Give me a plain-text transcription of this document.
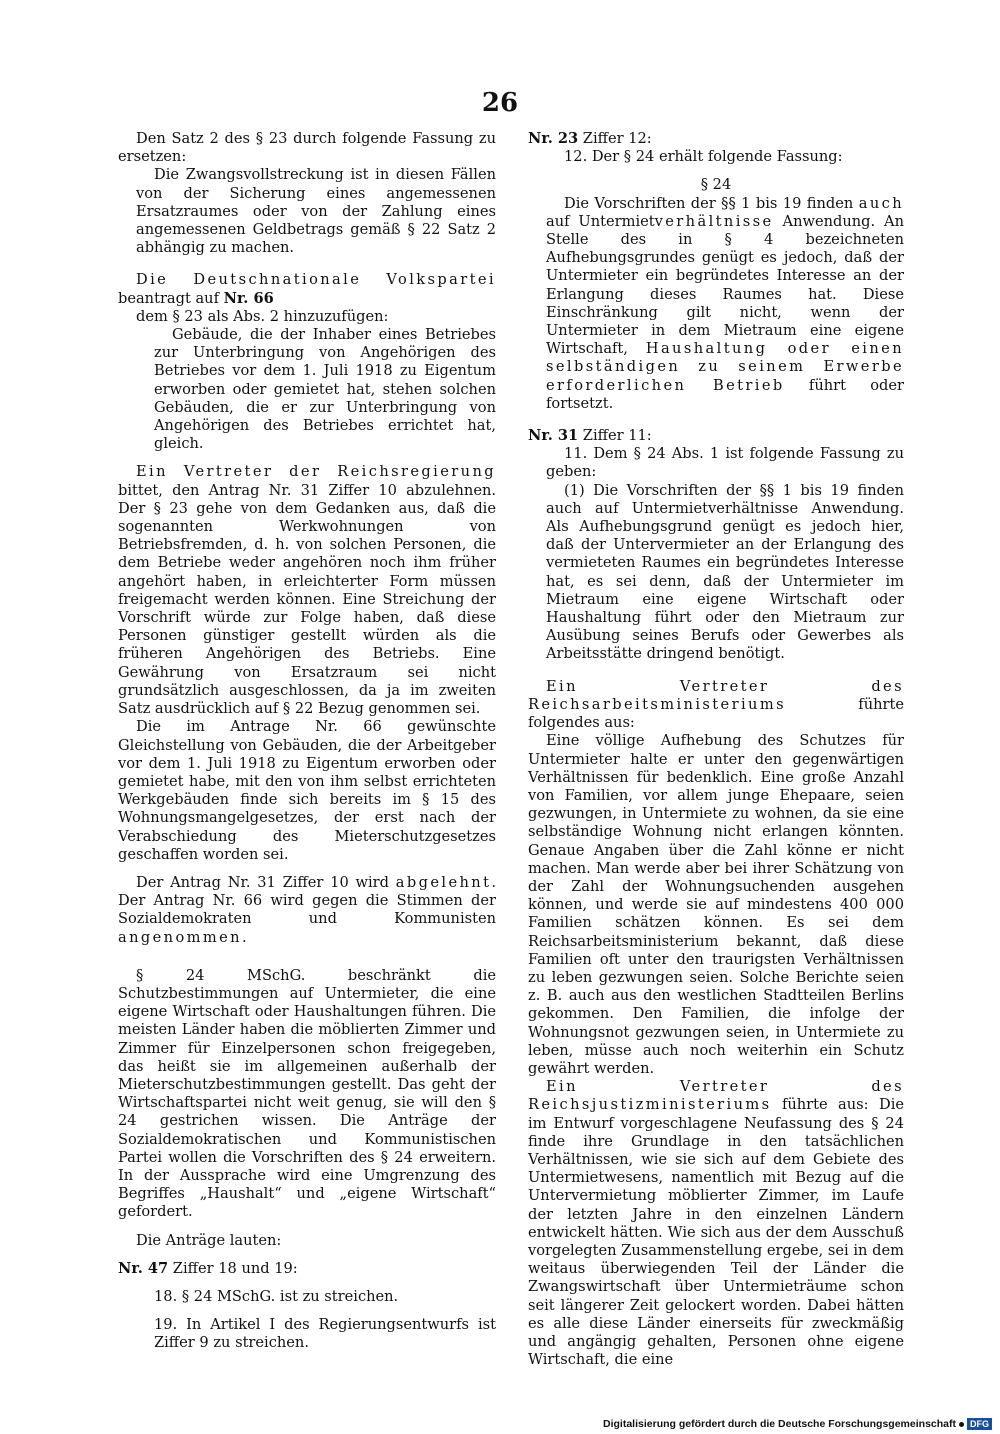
26

Den Satz 2 des § 23 durch folgende Fassung zu ersetzen:

Die Zwangsvollstreckung ist in diesen Fällen von der Sicherung eines angemessenen Ersatzraumes oder von der Zahlung eines angemessenen Geldbetrags gemäß § 22 Satz 2 abhängig zu machen.

Die Deutschnationale Volkspartei beantragt auf Nr. 66

dem § 23 als Abs. 2 hinzuzufügen:

Gebäude, die der Inhaber eines Betriebes zur Unterbringung von Angehörigen des Betriebes vor dem 1. Juli 1918 zu Eigentum erworben oder gemietet hat, stehen solchen Gebäuden, die er zur Unterbringung von Angehörigen des Betriebes errichtet hat, gleich.

Ein Vertreter der Reichsregierung bittet, den Antrag Nr. 31 Ziffer 10 abzulehnen. Der § 23 gehe von dem Gedanken aus, daß die sogenannten Werkwohnungen von Betriebsfremden, d. h. von solchen Personen, die dem Betriebe weder angehören noch ihm früher angehört haben, in erleichterter Form müssen freigemacht werden können. Eine Streichung der Vorschrift würde zur Folge haben, daß diese Personen günstiger gestellt würden als die früheren Angehörigen des Betriebs. Eine Gewährung von Ersatzraum sei nicht grundsätzlich ausgeschlossen, da ja im zweiten Satz ausdrücklich auf § 22 Bezug genommen sei.

Die im Antrage Nr. 66 gewünschte Gleichstellung von Gebäuden, die der Arbeitgeber vor dem 1. Juli 1918 zu Eigentum erworben oder gemietet habe, mit den von ihm selbst errichteten Werkgebäuden finde sich bereits im § 15 des Wohnungsmangelgesetzes, der erst nach der Verabschiedung des Mieterschutzgesetzes geschaffen worden sei.

Der Antrag Nr. 31 Ziffer 10 wird abgelehnt. Der Antrag Nr. 66 wird gegen die Stimmen der Sozialdemokraten und Kommunisten angenommen.

§ 24 MSchG. beschränkt die Schutzbestimmungen auf Untermieter, die eine eigene Wirtschaft oder Haushaltungen führen. Die meisten Länder haben die möblierten Zimmer und Zimmer für Einzelpersonen schon freigegeben, das heißt sie im allgemeinen außerhalb der Mieterschutzbestimmungen gestellt. Das geht der Wirtschaftspartei nicht weit genug, sie will den § 24 gestrichen wissen. Die Anträge der Sozialdemokratischen und Kommunistischen Partei wollen die Vorschriften des § 24 erweitern. In der Aussprache wird eine Umgrenzung des Begriffes „Haushalt“ und „eigene Wirtschaft“ gefordert.

Die Anträge lauten:

Nr. 47 Ziffer 18 und 19:

18. § 24 MSchG. ist zu streichen.

19. In Artikel I des Regierungsentwurfs ist Ziffer 9 zu streichen.

Nr. 23 Ziffer 12:

12. Der § 24 erhält folgende Fassung:

§ 24

Die Vorschriften der §§ 1 bis 19 finden auch auf Untermietverhältnisse Anwendung. An Stelle des in § 4 bezeichneten Aufhebungsgrundes genügt es jedoch, daß der Untermieter ein begründetes Interesse an der Erlangung dieses Raumes hat. Diese Einschränkung gilt nicht, wenn der Untermieter in dem Mietraum eine eigene Wirtschaft, Haushaltung oder einen selbständigen zu seinem Erwerbe erforderlichen Betrieb führt oder fortsetzt.

Nr. 31 Ziffer 11:

11. Dem § 24 Abs. 1 ist folgende Fassung zu geben:

(1) Die Vorschriften der §§ 1 bis 19 finden auch auf Untermietverhältnisse Anwendung. Als Aufhebungsgrund genügt es jedoch hier, daß der Untervermieter an der Erlangung des vermieteten Raumes ein begründetes Interesse hat, es sei denn, daß der Untermieter im Mietraum eine eigene Wirtschaft oder Haushaltung führt oder den Mietraum zur Ausübung seines Berufs oder Gewerbes als Arbeitsstätte dringend benötigt.

Ein Vertreter des Reichsarbeitsministeriums führte folgendes aus:

Eine völlige Aufhebung des Schutzes für Untermieter halte er unter den gegenwärtigen Verhältnissen für bedenklich. Eine große Anzahl von Familien, vor allem junge Ehepaare, seien gezwungen, in Untermiete zu wohnen, da sie eine selbständige Wohnung nicht erlangen könnten. Genaue Angaben über die Zahl könne er nicht machen. Man werde aber bei ihrer Schätzung von der Zahl der Wohnungsuchenden ausgehen können, und werde sie auf mindestens 400 000 Familien schätzen können. Es sei dem Reichsarbeitsministerium bekannt, daß diese Familien oft unter den traurigsten Verhältnissen zu leben gezwungen seien. Solche Berichte seien z. B. auch aus den westlichen Stadtteilen Berlins gekommen. Den Familien, die infolge der Wohnungsnot gezwungen seien, in Untermiete zu leben, müsse auch noch weiterhin ein Schutz gewährt werden.

Ein Vertreter des Reichsjustizministeriums führte aus: Die im Entwurf vorgeschlagene Neufassung des § 24 finde ihre Grundlage in den tatsächlichen Verhältnissen, wie sie sich auf dem Gebiete des Untermietwesens, namentlich mit Bezug auf die Untervermietung möblierter Zimmer, im Laufe der letzten Jahre in den einzelnen Ländern entwickelt hätten. Wie sich aus der dem Ausschuß vorgelegten Zusammenstellung ergebe, sei in dem weitaus überwiegenden Teil der Länder die Zwangswirtschaft über Untermieträume schon seit längerer Zeit gelockert worden. Dabei hätten es alle diese Länder einerseits für zweckmäßig und angängig gehalten, Personen ohne eigene Wirtschaft, die eine

Digitalisierung gefördert durch die Deutsche Forschungsgemeinschaft	DFG
